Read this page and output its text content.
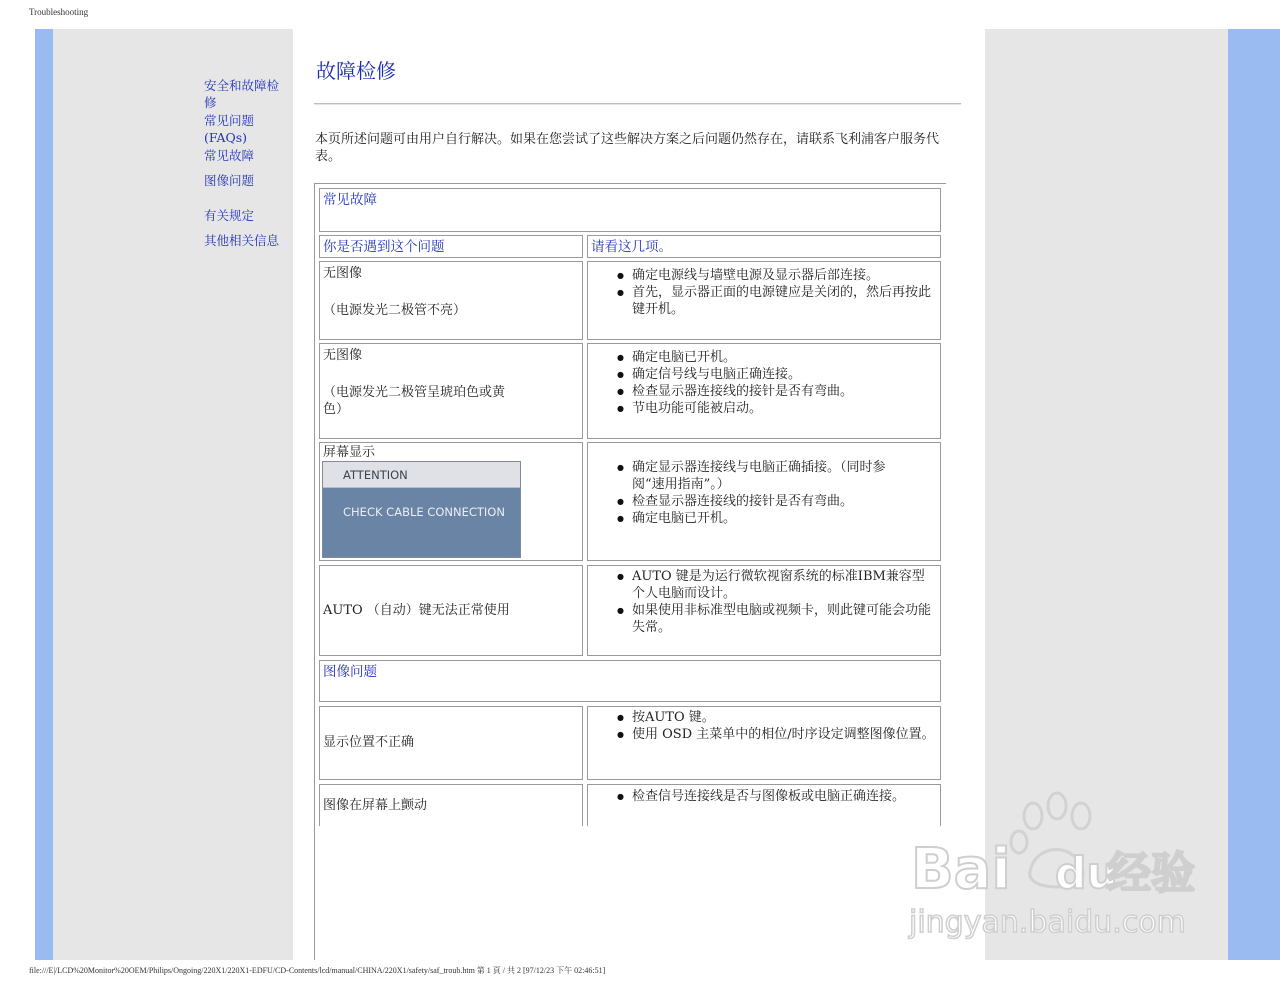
Troubleshooting
安全和故障检修
常见问题
(FAQs)
常见故障
图像问题
有关规定
其他相关信息
故障检修
本页所述问题可由用户自行解决。如果在您尝试了这些解决方案之后问题仍然存在，请联系飞利浦客户服务代表。
常见故障
你是否遇到这个问题	请看这几项。
无图像
（电源发光二极管不亮）
● 确定电源线与墙壁电源及显示器后部连接。
● 首先，显示器正面的电源键应是关闭的，然后再按此键开机。
无图像
（电源发光二极管呈琥珀色或黄色）
● 确定电脑已开机。
● 确定信号线与电脑正确连接。
● 检查显示器连接线的接针是否有弯曲。
● 节电功能可能被启动。
屏幕显示
ATTENTION
CHECK CABLE CONNECTION
● 确定显示器连接线与电脑正确插接。（同时参阅“速用指南”。）
● 检查显示器连接线的接针是否有弯曲。
● 确定电脑已开机。
AUTO （自动）键无法正常使用
● AUTO 键是为运行微软视窗系统的标准IBM兼容型个人电脑而设计。
● 如果使用非标准型电脑或视频卡，则此键可能会功能失常。
图像问题
显示位置不正确
● 按AUTO 键。
● 使用 OSD 主菜单中的相位/时序设定调整图像位置。
图像在屏幕上颤动
● 检查信号连接线是否与图像板或电脑正确连接。
Bai du
经验
jingyan.baidu.com
file:///E|/LCD%20Monitor%20OEM/Philips/Ongoing/220X1/220X1-EDFU/CD-Contents/lcd/manual/CHINA/220X1/safety/saf_troub.htm 第 1 頁 / 共 2 [97/12/23 下午 02:46:51]
